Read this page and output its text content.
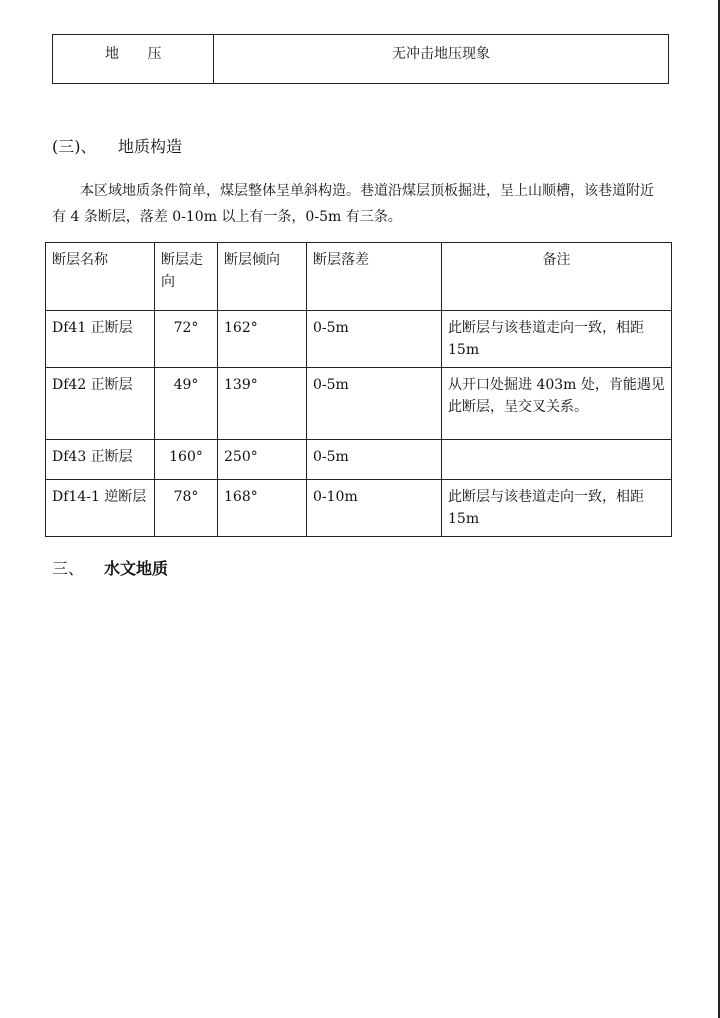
地 压	无冲击地压现象
(三)、 地质构造
本区域地质条件简单，煤层整体呈单斜构造。巷道沿煤层顶板掘进，呈上山顺槽，该巷道附近
有 4 条断层，落差 0-10m 以上有一条，0-5m 有三条。
断层名称	断层走向	断层倾向	断层落差	备注
Df41 正断层	72°	162°	0-5m	此断层与该巷道走向一致，相距 15m
Df42 正断层	49°	139°	0-5m	从开口处掘进 403m 处，肯能遇见此断层，呈交叉关系。
Df43 正断层	160°	250°	0-5m	
Df14-1 逆断层	78°	168°	0-10m	此断层与该巷道走向一致，相距 15m
三、 水文地质
